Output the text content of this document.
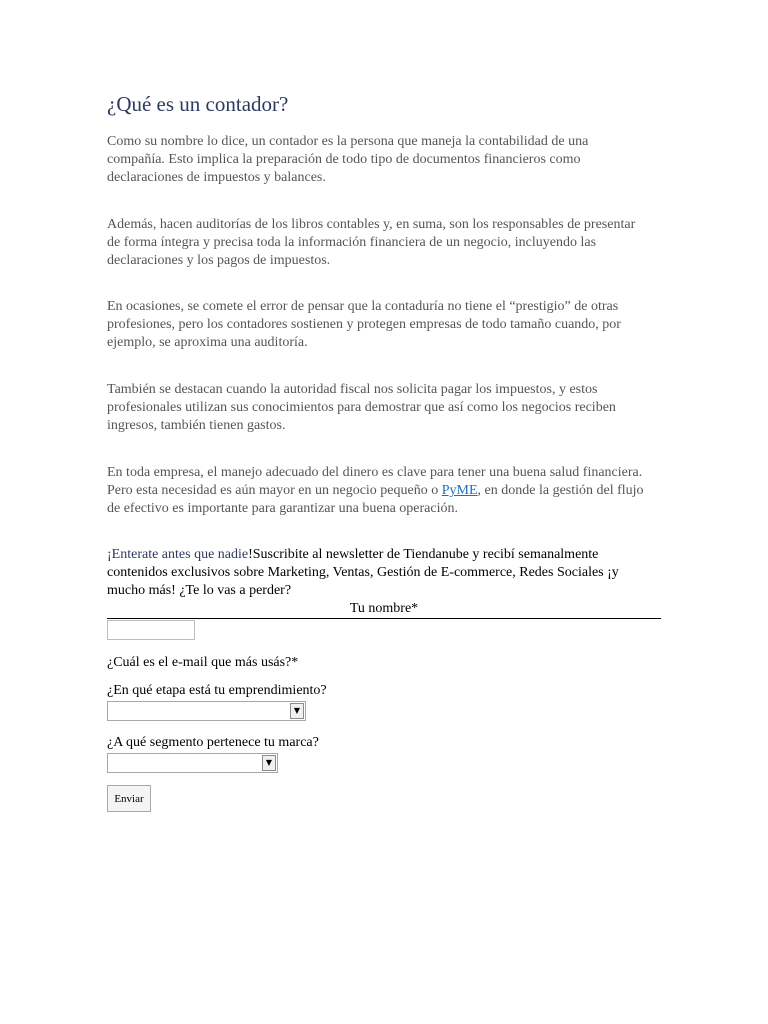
¿Qué es un contador?

Como su nombre lo dice, un contador es la persona que maneja la contabilidad de una compañía. Esto implica la preparación de todo tipo de documentos financieros como declaraciones de impuestos y balances.

Además, hacen auditorías de los libros contables y, en suma, son los responsables de presentar de forma íntegra y precisa toda la información financiera de un negocio, incluyendo las declaraciones y los pagos de impuestos.

En ocasiones, se comete el error de pensar que la contaduría no tiene el “prestigio” de otras profesiones, pero los contadores sostienen y protegen empresas de todo tamaño cuando, por ejemplo, se aproxima una auditoría.

También se destacan cuando la autoridad fiscal nos solicita pagar los impuestos, y estos profesionales utilizan sus conocimientos para demostrar que así como los negocios reciben ingresos, también tienen gastos.

En toda empresa, el manejo adecuado del dinero es clave para tener una buena salud financiera. Pero esta necesidad es aún mayor en un negocio pequeño o PyME, en donde la gestión del flujo de efectivo es importante para garantizar una buena operación.

¡Enterate antes que nadie!Suscribite al newsletter de Tiendanube y recibí semanalmente contenidos exclusivos sobre Marketing, Ventas, Gestión de E-commerce, Redes Sociales ¡y mucho más! ¿Te lo vas a perder?

Tu nombre*
¿Cuál es el e-mail que más usás?*
¿En qué etapa está tu emprendimiento?
▼
¿A qué segmento pertenece tu marca?
▼
Enviar
